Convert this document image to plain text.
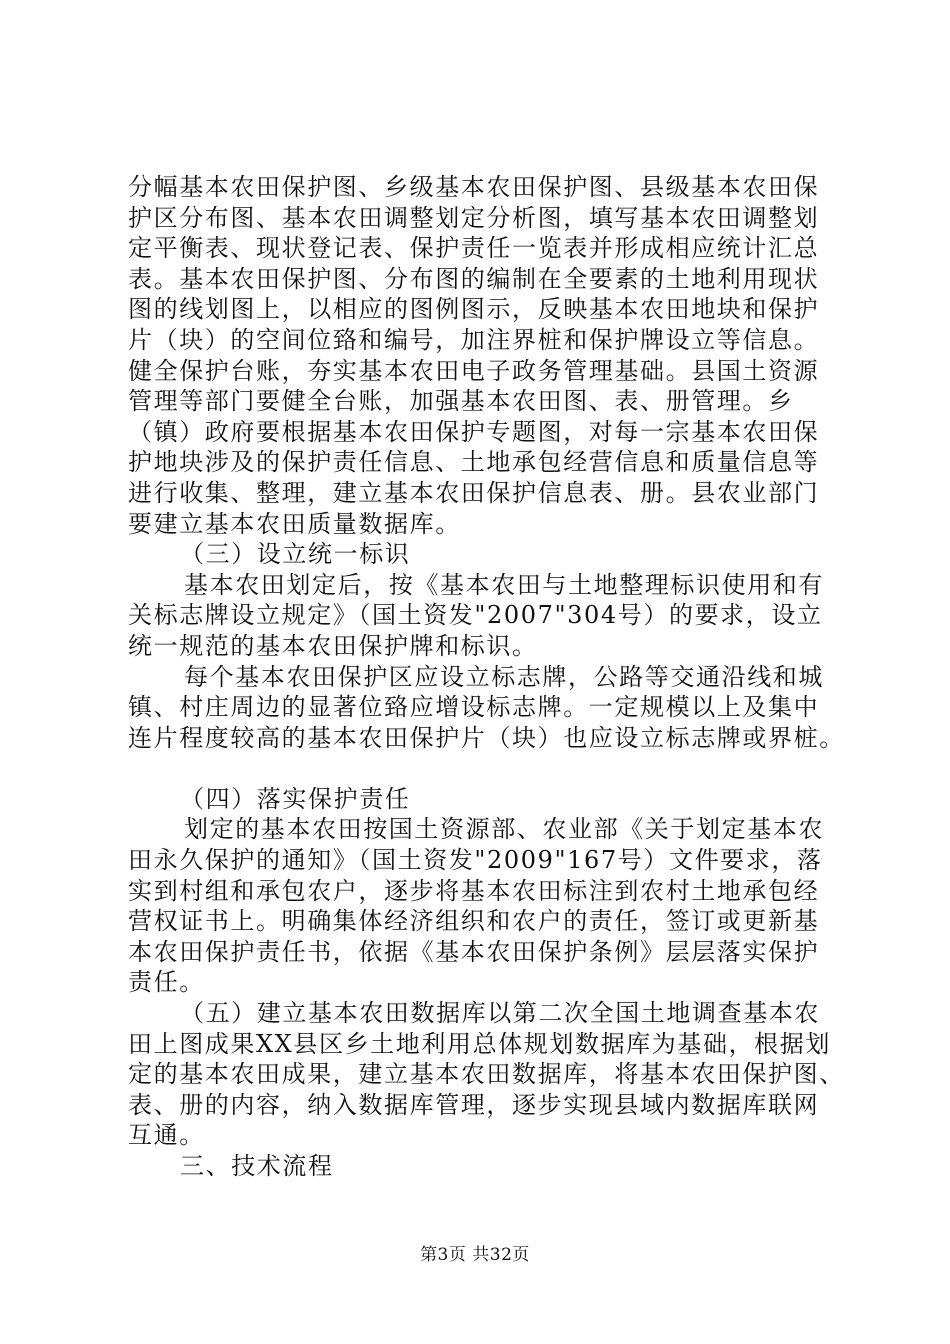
分幅基本农田保护图、乡级基本农田保护图、县级基本农田保
护区分布图、基本农田调整划定分析图，填写基本农田调整划
定平衡表、现状登记表、保护责任一览表并形成相应统计汇总
表。基本农田保护图、分布图的编制在全要素的土地利用现状
图的线划图上，以相应的图例图示，反映基本农田地块和保护
片（块）的空间位臵和编号，加注界桩和保护牌设立等信息。
健全保护台账，夯实基本农田电子政务管理基础。县国土资源
管理等部门要健全台账，加强基本农田图、表、册管理。乡
（镇）政府要根据基本农田保护专题图，对每一宗基本农田保
护地块涉及的保护责任信息、土地承包经营信息和质量信息等
进行收集、整理，建立基本农田保护信息表、册。县农业部门
要建立基本农田质量数据库。
（三）设立统一标识
基本农田划定后，按《基本农田与土地整理标识使用和有
关标志牌设立规定》（国土资发"2007"304号）的要求，设立
统一规范的基本农田保护牌和标识。
每个基本农田保护区应设立标志牌，公路等交通沿线和城
镇、村庄周边的显著位臵应增设标志牌。一定规模以上及集中
连片程度较高的基本农田保护片（块）也应设立标志牌或界桩。
（四）落实保护责任
划定的基本农田按国土资源部、农业部《关于划定基本农
田永久保护的通知》（国土资发"2009"167号）文件要求，落
实到村组和承包农户，逐步将基本农田标注到农村土地承包经
营权证书上。明确集体经济组织和农户的责任，签订或更新基
本农田保护责任书，依据《基本农田保护条例》层层落实保护
责任。
（五）建立基本农田数据库以第二次全国土地调查基本农
田上图成果XX县区乡土地利用总体规划数据库为基础，根据划
定的基本农田成果，建立基本农田数据库，将基本农田保护图、
表、册的内容，纳入数据库管理，逐步实现县域内数据库联网
互通。
三、技术流程
第3页 共32页
